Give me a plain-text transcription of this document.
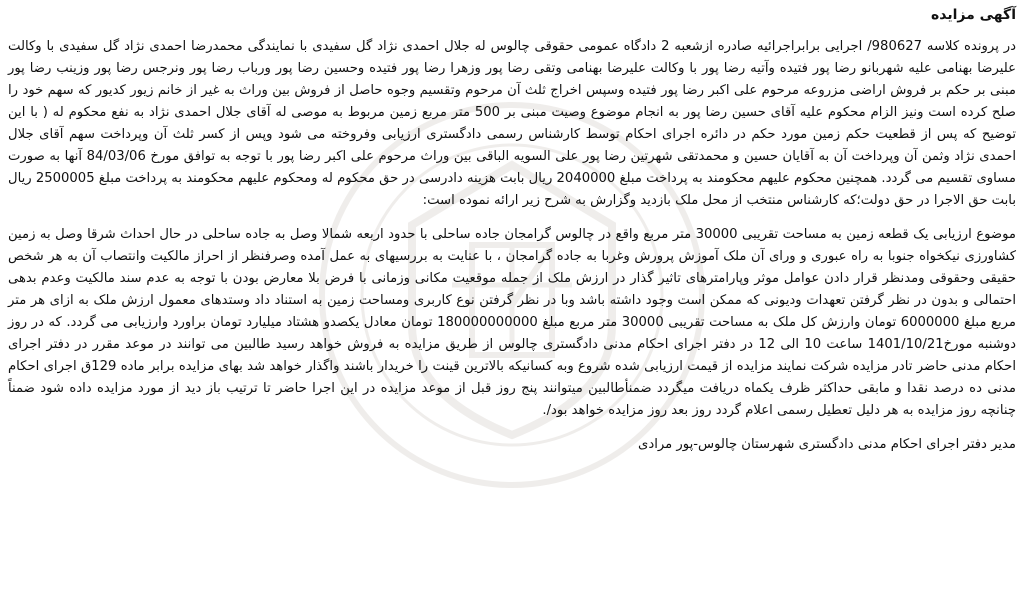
آگهی مزایده

در پرونده کلاسه 980627/ اجرایی برابراجرائیه صادره ازشعبه 2 دادگاه عمومی حقوقی چالوس له جلال احمدی نژاد گل سفیدی با نمایندگی محمدرضا احمدی نژاد گل سفیدی با وکالت علیرضا بهنامی علیه شهربانو رضا پور فتیده وآتیه رضا پور با وکالت علیرضا بهنامی وتقی رضا پور وزهرا رضا پور فتیده وحسین رضا پور ورباب رضا پور ونرجس رضا پور وزینب رضا پور مبنی بر حکم بر فروش اراضی مزروعه مرحوم علی اکبر رضا پور فتیده وسپس اخراج ثلث آن مرحوم وتقسیم وجوه حاصل از فروش بین وراث به غیر از خانم زیور کدیور که سهم خود را صلح کرده است ونیز الزام محکوم علیه آقای حسین رضا پور به انجام موضوع وصیت مبنی بر 500 متر مربع زمین مربوط به موصی له آقای جلال احمدی نژاد به نفع محکوم له ( با این توضیح که پس از قطعیت حکم زمین مورد حکم در دائره اجرای احکام توسط کارشناس رسمی دادگستری ارزیابی وفروخته می شود وپس از کسر ثلث آن وپرداخت سهم آقای جلال احمدی نژاد وثمن آن وپرداخت آن به آقایان حسین و محمدتقی شهرتین رضا پور علی السویه الباقی بین وراث مرحوم علی اکبر رضا پور با توجه به توافق مورخ 84/03/06 آنها به صورت مساوی تقسیم می گردد. همچنین محکوم علیهم محکومند به پرداخت مبلغ 2040000 ریال بابت هزینه دادرسی در حق محکوم له ومحکوم علیهم محکومند به پرداخت مبلغ 2500005 ریال بابت حق الاجرا در حق دولت؛که کارشناس منتخب از محل ملک بازدید وگزارش به شرح زیر ارائه نموده است:

موضوع ارزیابی یک قطعه زمین به مساحت تقریبی 30000 متر مربع واقع در چالوس گرامجان جاده ساحلی با حدود اربعه شمالا وصل به جاده ساحلی در حال احداث شرقا وصل به زمین کشاورزی نیکخواه جنوبا به راه عبوری و ورای آن ملک آموزش پرورش وغربا به جاده گرامجان ، با عنایت به بررسیهای به عمل آمده وصرفنظر از احراز مالکیت وانتصاب آن به هر شخص حقیقی وحقوقی ومدنظر قرار دادن عوامل موثر وپارامترهای تاثیر گذار در ارزش ملک از جمله موقعیت مکانی وزمانی با فرض بلا معارض بودن با توجه به عدم سند مالکیت وعدم بدهی احتمالی و بدون در نظر گرفتن تعهدات ودیونی که ممکن است وجود داشته باشد وبا در نظر گرفتن نوع کاربری ومساحت زمین به استناد داد وستدهای معمول ارزش ملک به ازای هر متر مربع مبلغ 6000000 تومان وارزش کل ملک به مساحت تقریبی 30000 متر مربع مبلغ 180000000000 تومان معادل یکصدو هشتاد میلیارد تومان براورد وارزیابی می گردد. که در روز دوشنبه مورخ1401/10/21 ساعت 10 الی 12 در دفتر اجرای احکام مدنی دادگستری چالوس از طریق مزایده به فروش خواهد رسید طالبین می توانند در موعد مقرر در دفتر اجرای احکام مدنی حاضر تادر مزایده شرکت نمایند مزایده از قیمت ارزیابی شده شروع وبه کسانیکه بالاترین قینت را خریدار باشند واگذار خواهد شد بهای مزایده برابر ماده 129ق اجرای احکام مدنی ده درصد نقدا و مابقی حداکثر ظرف یکماه دریافت میگردد ضمنأطالبین میتوانند پنج روز قبل از موعد مزایده در این اجرا حاضر تا ترتیب باز دید از مورد مزایده داده شود ضمناً چنانچه روز مزایده به هر دلیل تعطیل رسمی اعلام گردد روز بعد روز مزایده خواهد بود/.

مدیر دفتر اجرای احکام مدنی دادگستری شهرستان چالوس-پور مرادی
